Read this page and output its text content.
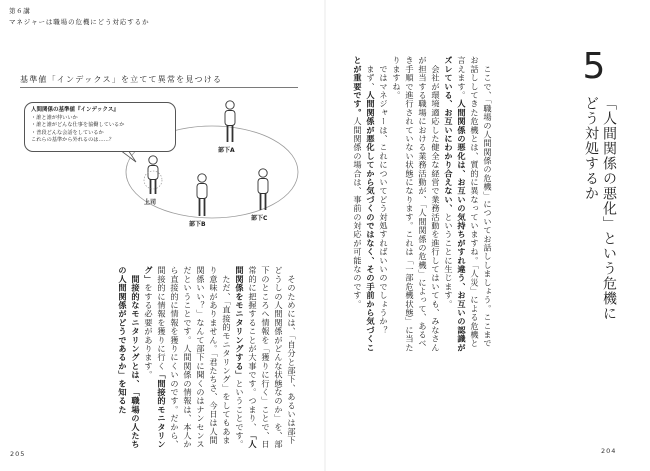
第６講
マネジャーは職場の危機にどう対応するか
基準値「インデックス」を立てて異常を見つける
人間関係の基準値『インデックス』
・誰と誰が仲いいか
・誰と誰がどんな仕事を協働しているか
・普段どんな会話をしているか
これらの基準から外れるのは……？
上司
部下A
部下B
部下C

　そのためには、「自分と部下、あるいは部下どうしの人間関係がどんな状態なのか」を、部下のところへ情報を「獲りに行く」ことで、日常的に把握することが大事です。つまり、「人間関係をモニタリングする」ということです。

　ただ、「直接的モニタリング」をしてもあまり意味がありません。「君たちさ、今日は人間関係いい？」なんて部下に聞くのはナンセンスだということです。人間関係の情報は、本人から直接的に情報を獲りにくいのです。だから、間接的に情報を獲りに行く「間接的モニタリング」をする必要があります。

　間接的なモニタリングとは、「職場の人たちの人間関係がどうであるか」を知るた

205
5
「人間関係の悪化」という危機に
どう対処するか

　ここで、「職場の人間関係の危機」についてお話ししましょう。ここまでお話ししてきた危機とは、質的に異なっていますね。「人災」による危機と言えます。人間関係の悪化は、お互いの気持ちがすれ違う、お互いの認識がズレている、お互いにわかり合えない、ということに生じます。

　会社が環境適応した健全な経営で業務活動を進行してはいても、みなさんが担当する職場における業務活動が、「人間関係の危機」によって、あるべき手順で進行されていない状態になります。これは「一部危機状態」に当たりますね。

　ではマネジャーは、これについてどう対処すればいいのでしょうか？

　まず、人間関係が悪化してから気づくのではなく、その手前から気づくことが重要です。人間関係の場合は、事前の対応が可能なのです。

204
